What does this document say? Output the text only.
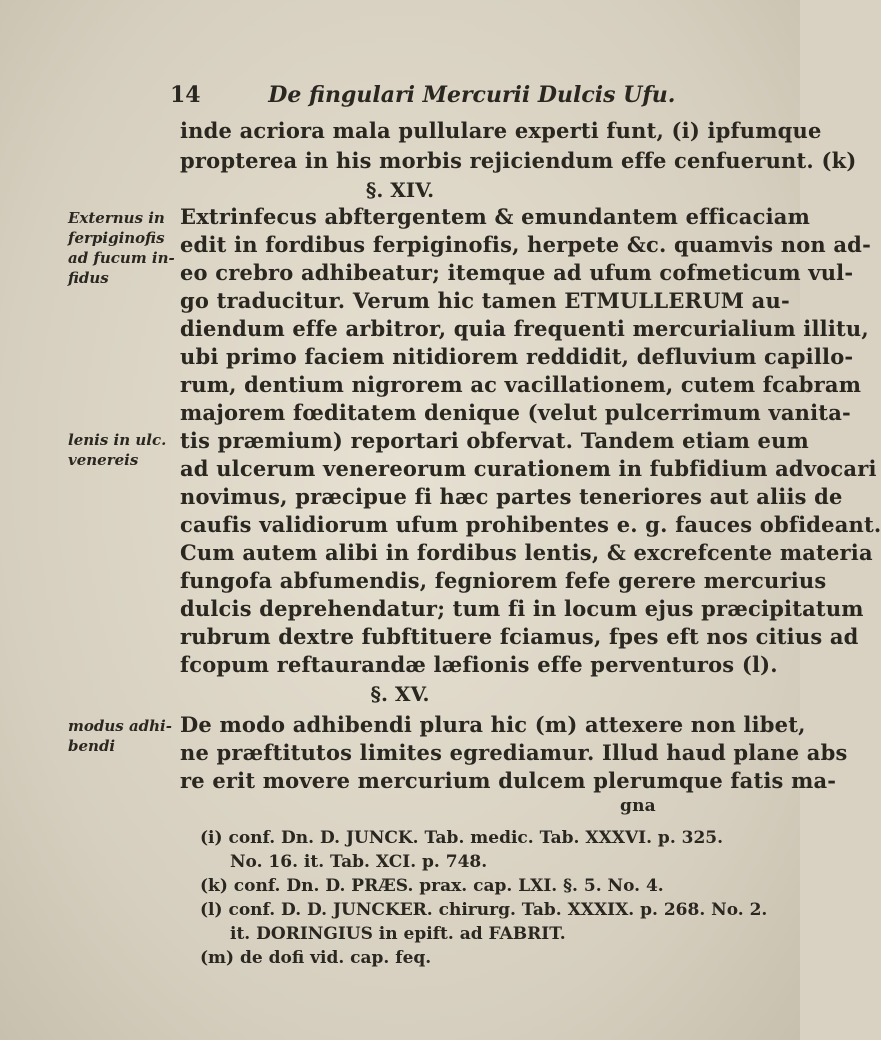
14	De fingulari Mercurii Dulcis Ufu.
inde acriora mala pullulare experti funt, (i) ipfumque
propterea in his morbis rejiciendum effe cenfuerunt. (k)
§. XIV.
Externus in
ferpiginofis
ad fucum in-
fidus
Extrinfecus abftergentem & emundantem efficaciam
edit in fordibus ferpiginofis, herpete &c. quamvis non ad-
eo crebro adhibeatur; itemque ad ufum cofmeticum vul-
go traducitur. Verum hic tamen ETMULLERUM au-
diendum effe arbitror, quia frequenti mercurialium illitu,
ubi primo faciem nitidiorem reddidit, defluvium capillo-
rum, dentium nigrorem ac vacillationem, cutem fcabram
majorem fœditatem denique (velut pulcerrimum vanita-
tis præmium) reportari obfervat. Tandem etiam eum
ad ulcerum venereorum curationem in fubfidium advocari
novimus, præcipue fi hæc partes teneriores aut aliis de
caufis validiorum ufum prohibentes e. g. fauces obfideant.
Cum autem alibi in fordibus lentis, & excrefcente materia
fungofa abfumendis, fegniorem fefe gerere mercurius
dulcis deprehendatur; tum fi in locum ejus præcipitatum
rubrum dextre fubftituere fciamus, fpes eft nos citius ad
fcopum reftaurandæ læfionis effe perventuros (l).
lenis in ulc.
venereis
§. XV.
modus adhi-
bendi
De modo adhibendi plura hic (m) attexere non libet,
ne præftitutos limites egrediamur. Illud haud plane abs
re erit movere mercurium dulcem plerumque fatis ma-
gna
(i) conf. Dn. D. JUNCK. Tab. medic. Tab. XXXVI. p. 325.
No. 16. it. Tab. XCI. p. 748.
(k) conf. Dn. D. PRÆS. prax. cap. LXI. §. 5. No. 4.
(l) conf. D. D. JUNCKER. chirurg. Tab. XXXIX. p. 268. No. 2.
it. DORINGIUS in epift. ad FABRIT.
(m) de dofi vid. cap. feq.
